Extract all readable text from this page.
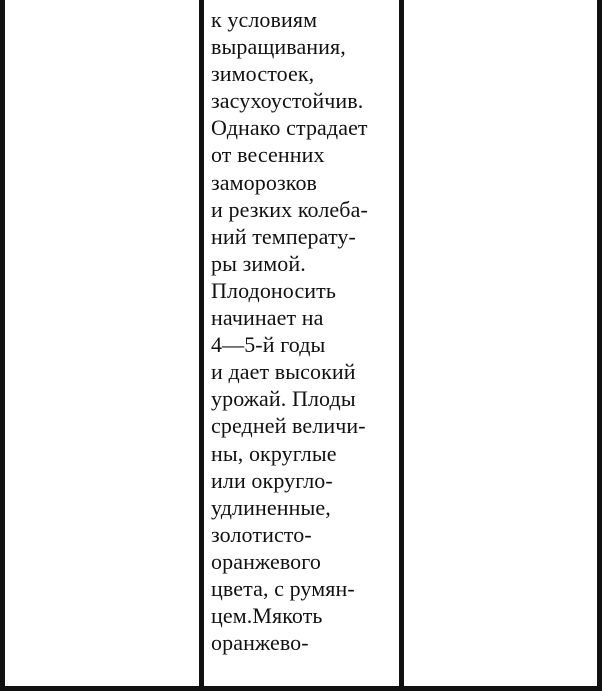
к условиям
выращивания,
зимостоек,
засухоустойчив.
Однако страдает
от весенних
заморозков
и резких колеба-
ний температу-
ры зимой.
Плодоносить
начинает на
4—5-й годы
и дает высокий
урожай. Плоды
средней величи-
ны, округлые
или округло-
удлиненные,
золотисто-
оранжевого
цвета, с румян-
цем.Мякоть
оранжево-
